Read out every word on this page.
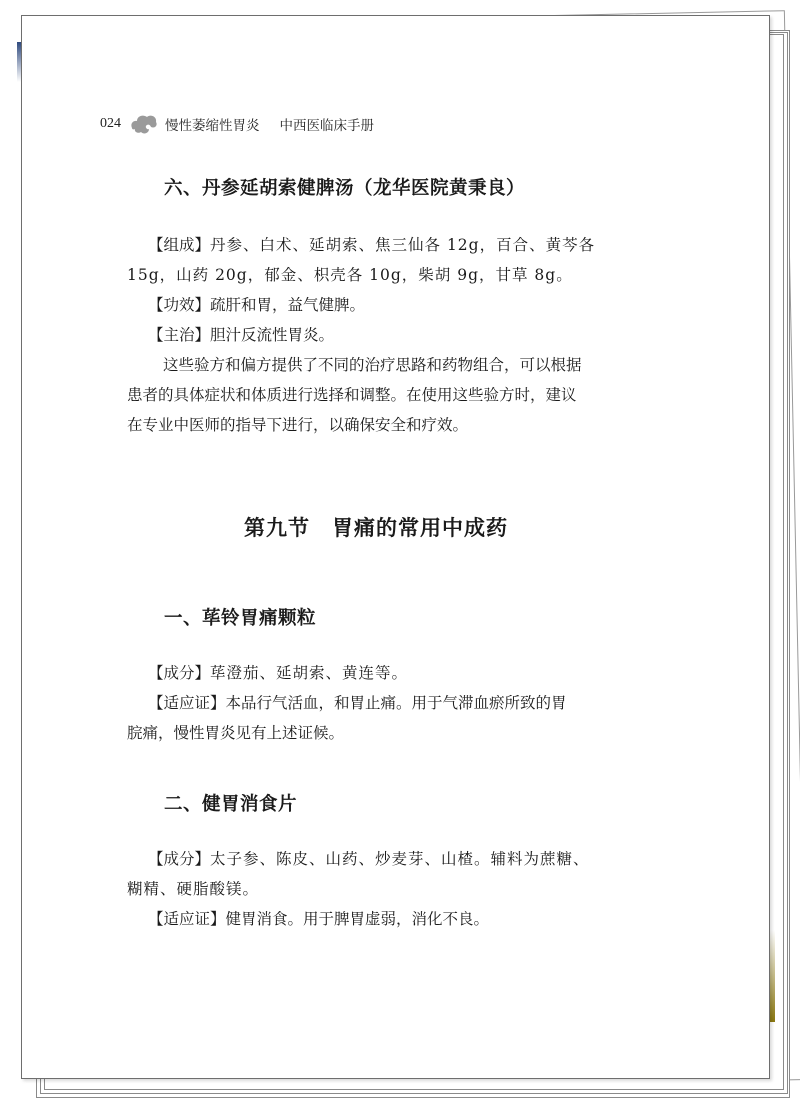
024	慢性萎缩性胃炎 中西医临床手册
六、丹参延胡索健脾汤（龙华医院黄秉良）
【组成】丹参、白术、延胡索、焦三仙各 12g，百合、黄芩各
15g，山药 20g，郁金、枳壳各 10g，柴胡 9g，甘草 8g。
【功效】疏肝和胃，益气健脾。
【主治】胆汁反流性胃炎。
这些验方和偏方提供了不同的治疗思路和药物组合，可以根据
患者的具体症状和体质进行选择和调整。在使用这些验方时，建议
在专业中医师的指导下进行，以确保安全和疗效。
第九节　胃痛的常用中成药
一、荜铃胃痛颗粒
【成分】荜澄茄、延胡索、黄连等。
【适应证】本品行气活血，和胃止痛。用于气滞血瘀所致的胃
脘痛，慢性胃炎见有上述证候。
二、健胃消食片
【成分】太子参、陈皮、山药、炒麦芽、山楂。辅料为蔗糖、
糊精、硬脂酸镁。
【适应证】健胃消食。用于脾胃虚弱，消化不良。
